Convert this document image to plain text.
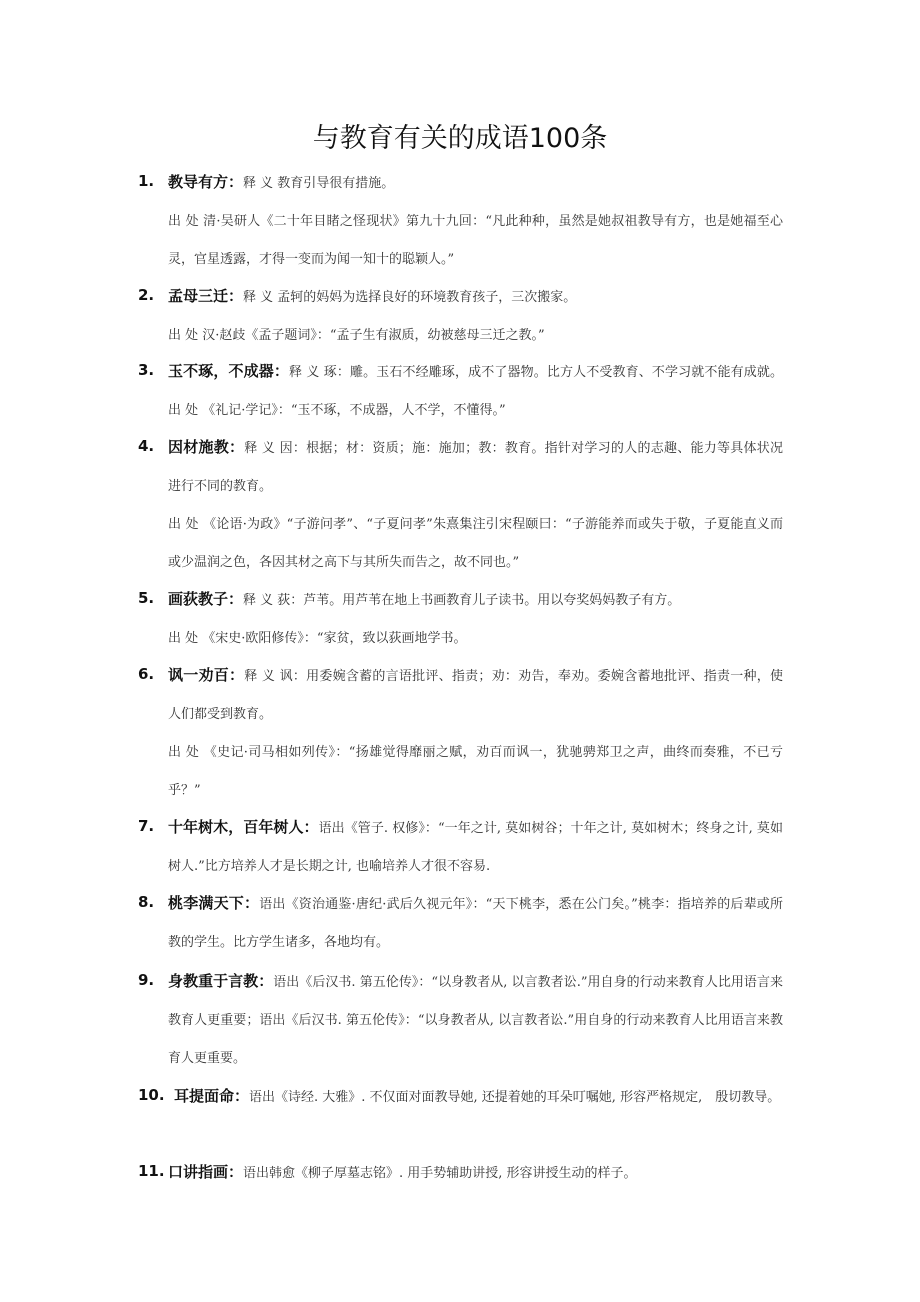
与教育有关的成语100条
1. 教导有方：释 义 教育引导很有措施。
出 处 清·吴研人《二十年目睹之怪现状》第九十九回：“凡此种种，虽然是她叔祖教导有方，也是她福至心灵，官星透露，才得一变而为闻一知十的聪颖人。”
2. 孟母三迁：释 义 孟轲的妈妈为选择良好的环境教育孩子，三次搬家。
出 处 汉·赵歧《孟子题词》：“孟子生有淑质，幼被慈母三迁之教。”
3. 玉不琢，不成器：释 义 琢：雕。玉石不经雕琢，成不了器物。比方人不受教育、不学习就不能有成就。出 处 《礼记·学记》：“玉不琢，不成器，人不学，不懂得。”
4. 因材施教：释 义 因：根据；材：资质；施：施加；教：教育。指针对学习的人的志趣、能力等具体状况进行不同的教育。
出 处 《论语·为政》“子游问孝”、“子夏问孝”朱熹集注引宋程颐曰：“子游能养而或失于敬，子夏能直义而或少温润之色，各因其材之高下与其所失而告之，故不同也。”
5. 画荻教子：释 义 荻：芦苇。用芦苇在地上书画教育儿子读书。用以夸奖妈妈教子有方。
出 处 《宋史·欧阳修传》：“家贫，致以荻画地学书。
6. 讽一劝百：释 义 讽：用委婉含蓄的言语批评、指责；劝：劝告，奉劝。委婉含蓄地批评、指责一种，使人们都受到教育。
出 处 《史记·司马相如列传》：“扬雄觉得靡丽之赋，劝百而讽一，犹驰骋郑卫之声，曲终而奏雅，不已亏乎？”
7. 十年树木，百年树人：语出《管子. 权修》：“一年之计, 莫如树谷；十年之计, 莫如树木；终身之计, 莫如树人.”比方培养人才是长期之计, 也喻培养人才很不容易.
8. 桃李满天下：语出《资治通鉴·唐纪·武后久视元年》：“天下桃李，悉在公门矣。”桃李：指培养的后辈或所教的学生。比方学生诸多，各地均有。
9. 身教重于言教：语出《后汉书. 第五伦传》：“以身教者从, 以言教者讼.”用自身的行动来教育人比用语言来教育人更重要；语出《后汉书. 第五伦传》：“以身教者从, 以言教者讼.”用自身的行动来教育人比用语言来教育人更重要。
10. 耳提面命：语出《诗经. 大雅》. 不仅面对面教导她, 还提着她的耳朵叮嘱她, 形容严格规定,　殷切教导。
11. 口讲指画：语出韩愈《柳子厚墓志铭》. 用手势辅助讲授, 形容讲授生动的样子。
